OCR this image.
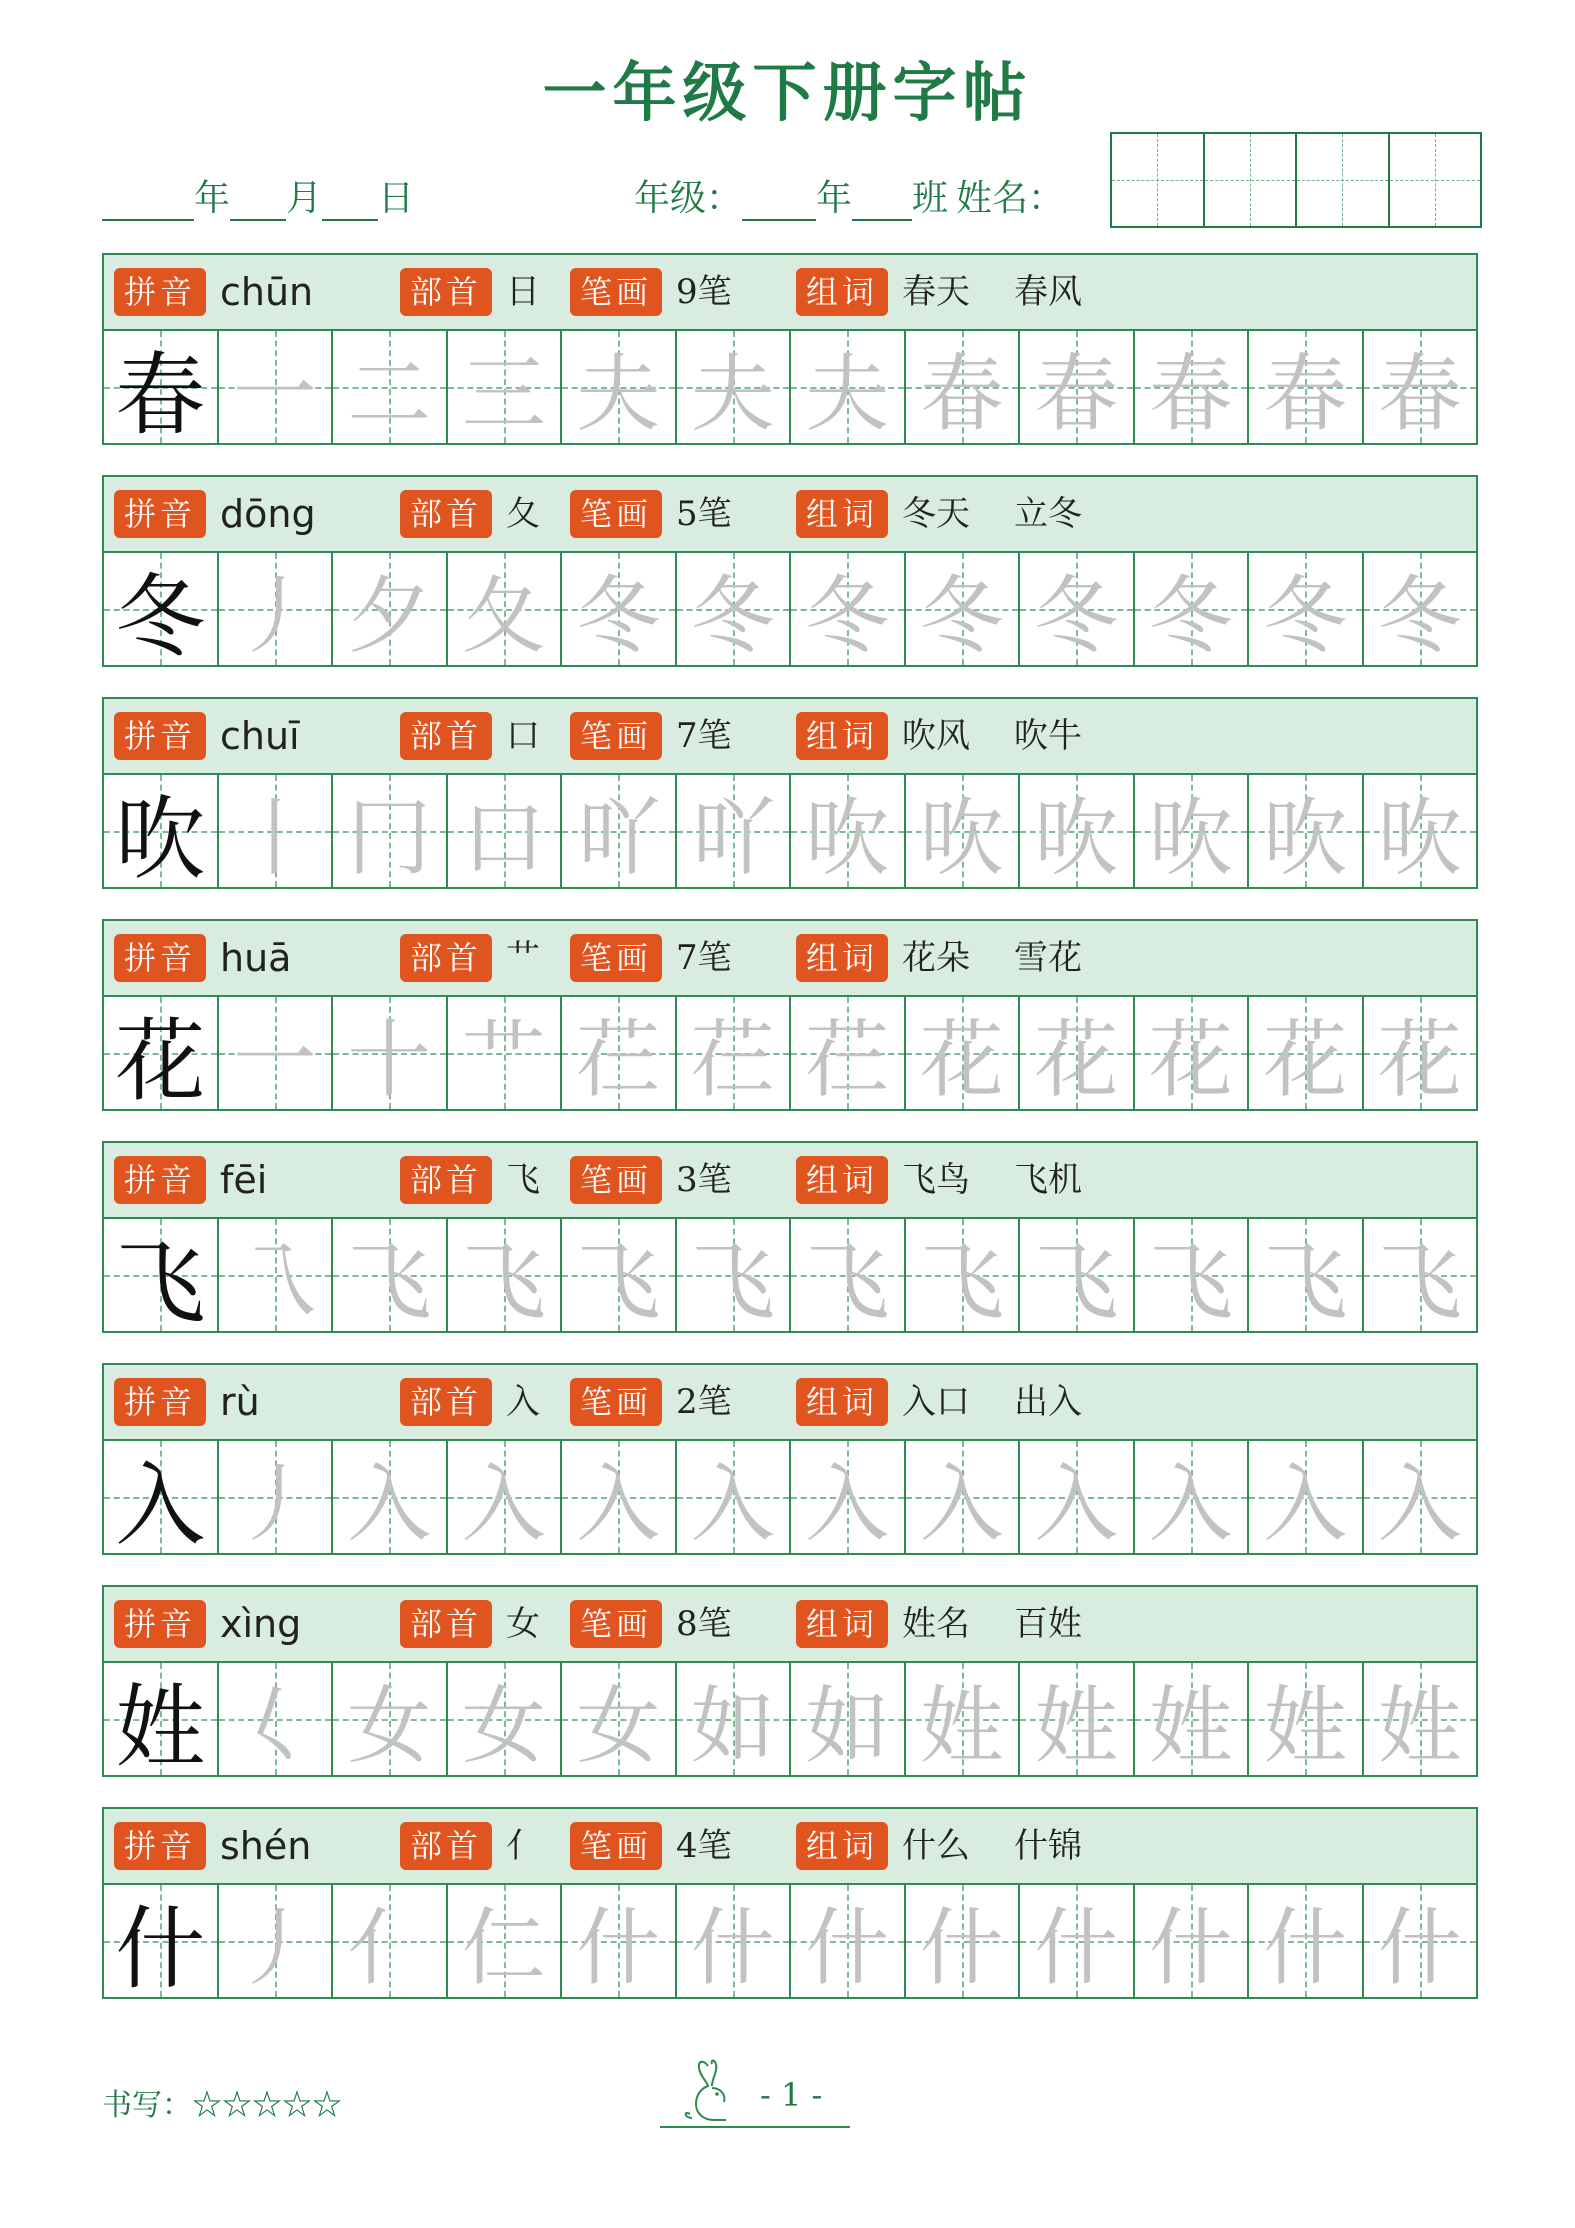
一年级下册字帖
年 月 日	年级： 年 班 姓名：
拼音 chūn	部首 日	笔画 9笔	组词 春天 春风
春 一 二 三 夫 夫 夫 春 春 春 春 春
拼音 dōng	部首 夂	笔画 5笔	组词 冬天 立冬
冬 丿 夕 夂 冬 冬 冬 冬 冬 冬 冬 冬
拼音 chuī	部首 口	笔画 7笔	组词 吹风 吹牛
吹 丨 冂 口 吖 吖 吹 吹 吹 吹 吹 吹
拼音 huā	部首 艹	笔画 7笔	组词 花朵 雪花
花 一 十 艹 芢 芢 芢 花 花 花 花 花
拼音 fēi	部首 飞	笔画 3笔	组词 飞鸟 飞机
飞 乁 飞 飞 飞 飞 飞 飞 飞 飞 飞 飞
拼音 rù	部首 入	笔画 2笔	组词 入口 出入
入 丿 入 入 入 入 入 入 入 入 入 入
拼音 xìng	部首 女	笔画 8笔	组词 姓名 百姓
姓 𡿨 女 女 女 如 如 姓 姓 姓 姓 姓
拼音 shén	部首 亻	笔画 4笔	组词 什么 什锦
什 丿 亻 仁 什 什 什 什 什 什 什 什
书写：☆☆☆☆☆	- 1 -
